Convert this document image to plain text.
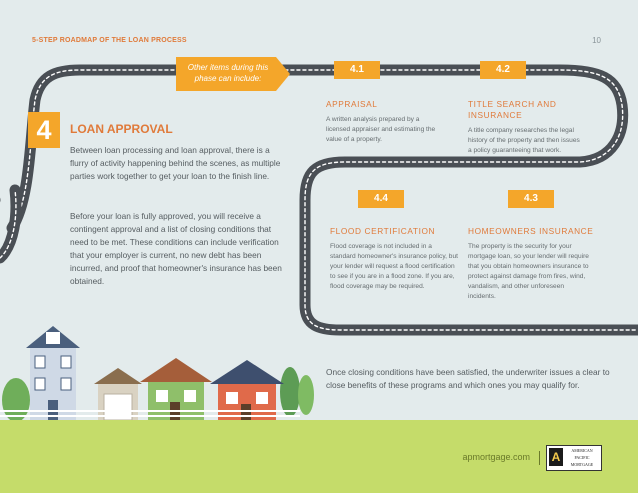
5-STEP ROADMAP OF THE LOAN PROCESS	10
Other items during this phase can include:
4.1	4.2
4.3
4.4
4	LOAN APPROVAL
Between loan processing and loan approval, there is a flurry of activity happening behind the scenes, as multiple parties work together to get your loan to the finish line.
Before your loan is fully approved, you will receive a contingent approval and a list of closing conditions that need to be met. These conditions can include verification that your employer is current, no new debt has been incurred, and proof that homeowner's insurance has been obtained.
APPRAISAL
A written analysis prepared by a licensed appraiser and estimating the value of a property.
TITLE SEARCH AND INSURANCE
A title company researches the legal history of the property and then issues a policy guaranteeing that work.
FLOOD CERTIFICATION
Flood coverage is not included in a standard homeowner's insurance policy, but your lender will request a flood certification to see if you are in a flood zone. If you are, flood coverage may be required.
HOMEOWNERS INSURANCE
The property is the security for your mortgage loan, so your lender will require that you obtain homeowners insurance to protect against damage from fires, wind, vandalism, and other unforeseen incidents.
Once closing conditions have been satisfied, the underwriter issues a clear to close benefits of these programs and which ones you may qualify for.
apmortgage.com A	AMERICAN
PACIFIC
MORTGAGE
